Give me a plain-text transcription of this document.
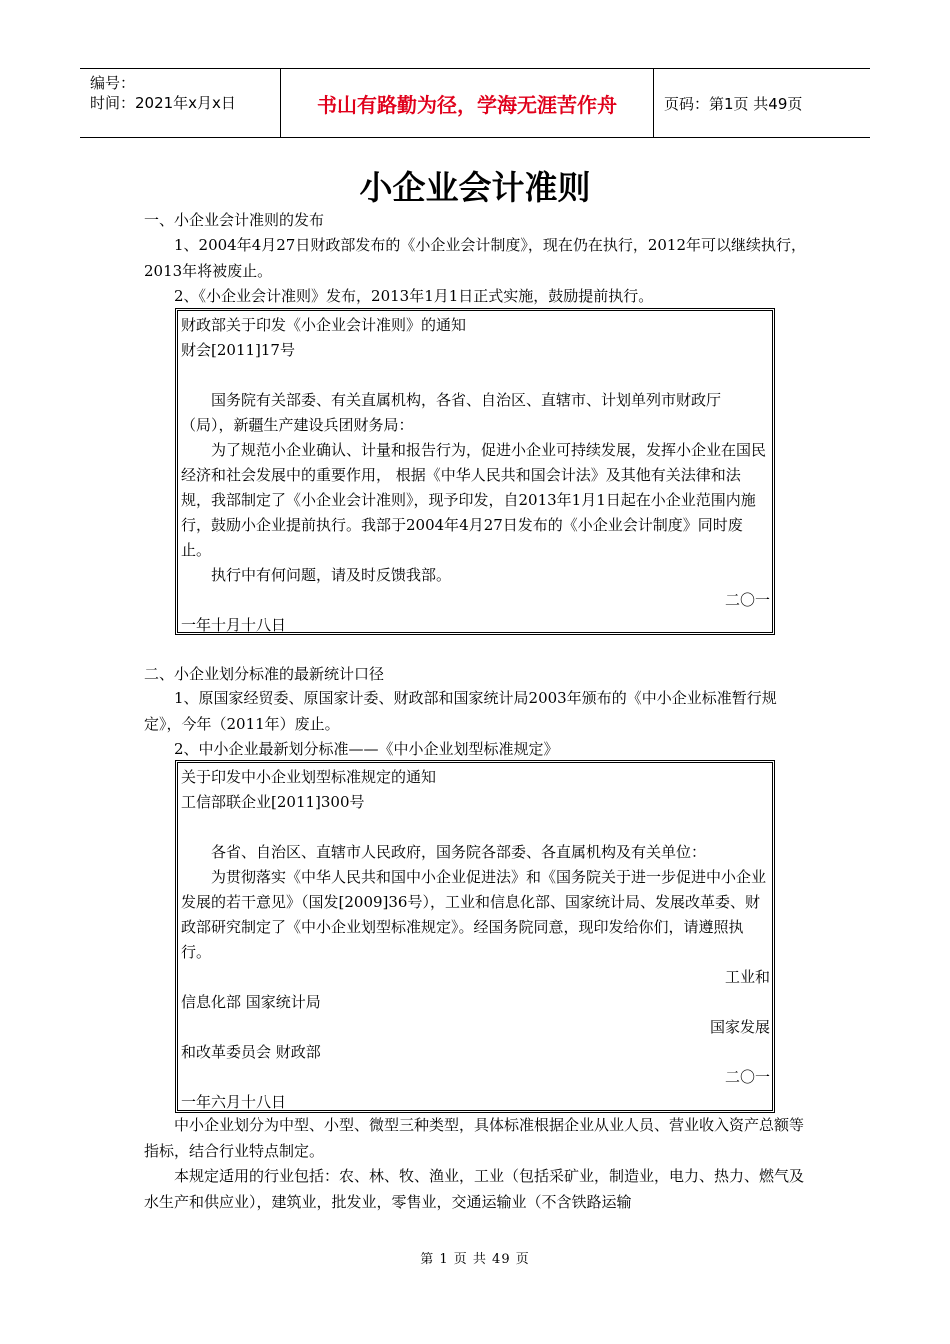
编号：
时间：2021年x月x日	书山有路勤为径，学海无涯苦作舟	页码：第1页 共49页
小企业会计准则
一、小企业会计准则的发布
1、2004年4月27日财政部发布的《小企业会计制度》，现在仍在执行，2012年可以继续执行，2013年将被废止。
2、《小企业会计准则》发布，2013年1月1日正式实施，鼓励提前执行。

财政部关于印发《小企业会计准则》的通知

财会[2011]17号

国务院有关部委、有关直属机构，各省、自治区、直辖市、计划单列市财政厅（局），新疆生产建设兵团财务局：

为了规范小企业确认、计量和报告行为，促进小企业可持续发展，发挥小企业在国民经济和社会发展中的重要作用， 根据《中华人民共和国会计法》及其他有关法律和法规，我部制定了《小企业会计准则》，现予印发，自2013年1月1日起在小企业范围内施行，鼓励小企业提前执行。我部于2004年4月27日发布的《小企业会计制度》同时废止。

执行中有何问题，请及时反馈我部。

二〇一

一年十月十八日

二、小企业划分标准的最新统计口径
1、原国家经贸委、原国家计委、财政部和国家统计局2003年颁布的《中小企业标准暂行规定》，今年（2011年）废止。
2、中小企业最新划分标准——《中小企业划型标准规定》

关于印发中小企业划型标准规定的通知

工信部联企业[2011]300号

各省、自治区、直辖市人民政府，国务院各部委、各直属机构及有关单位：

为贯彻落实《中华人民共和国中小企业促进法》和《国务院关于进一步促进中小企业发展的若干意见》（国发[2009]36号），工业和信息化部、国家统计局、发展改革委、财政部研究制定了《中小企业划型标准规定》。经国务院同意，现印发给你们，请遵照执行。

工业和

信息化部 国家统计局

国家发展

和改革委员会 财政部

二〇一

一年六月十八日

中小企业划分为中型、小型、微型三种类型，具体标准根据企业从业人员、营业收入资产总额等指标，结合行业特点制定。
本规定适用的行业包括：农、林、牧、渔业，工业（包括采矿业，制造业，电力、热力、燃气及水生产和供应业），建筑业，批发业，零售业，交通运输业（不含铁路运输
第 1 页 共 49 页
